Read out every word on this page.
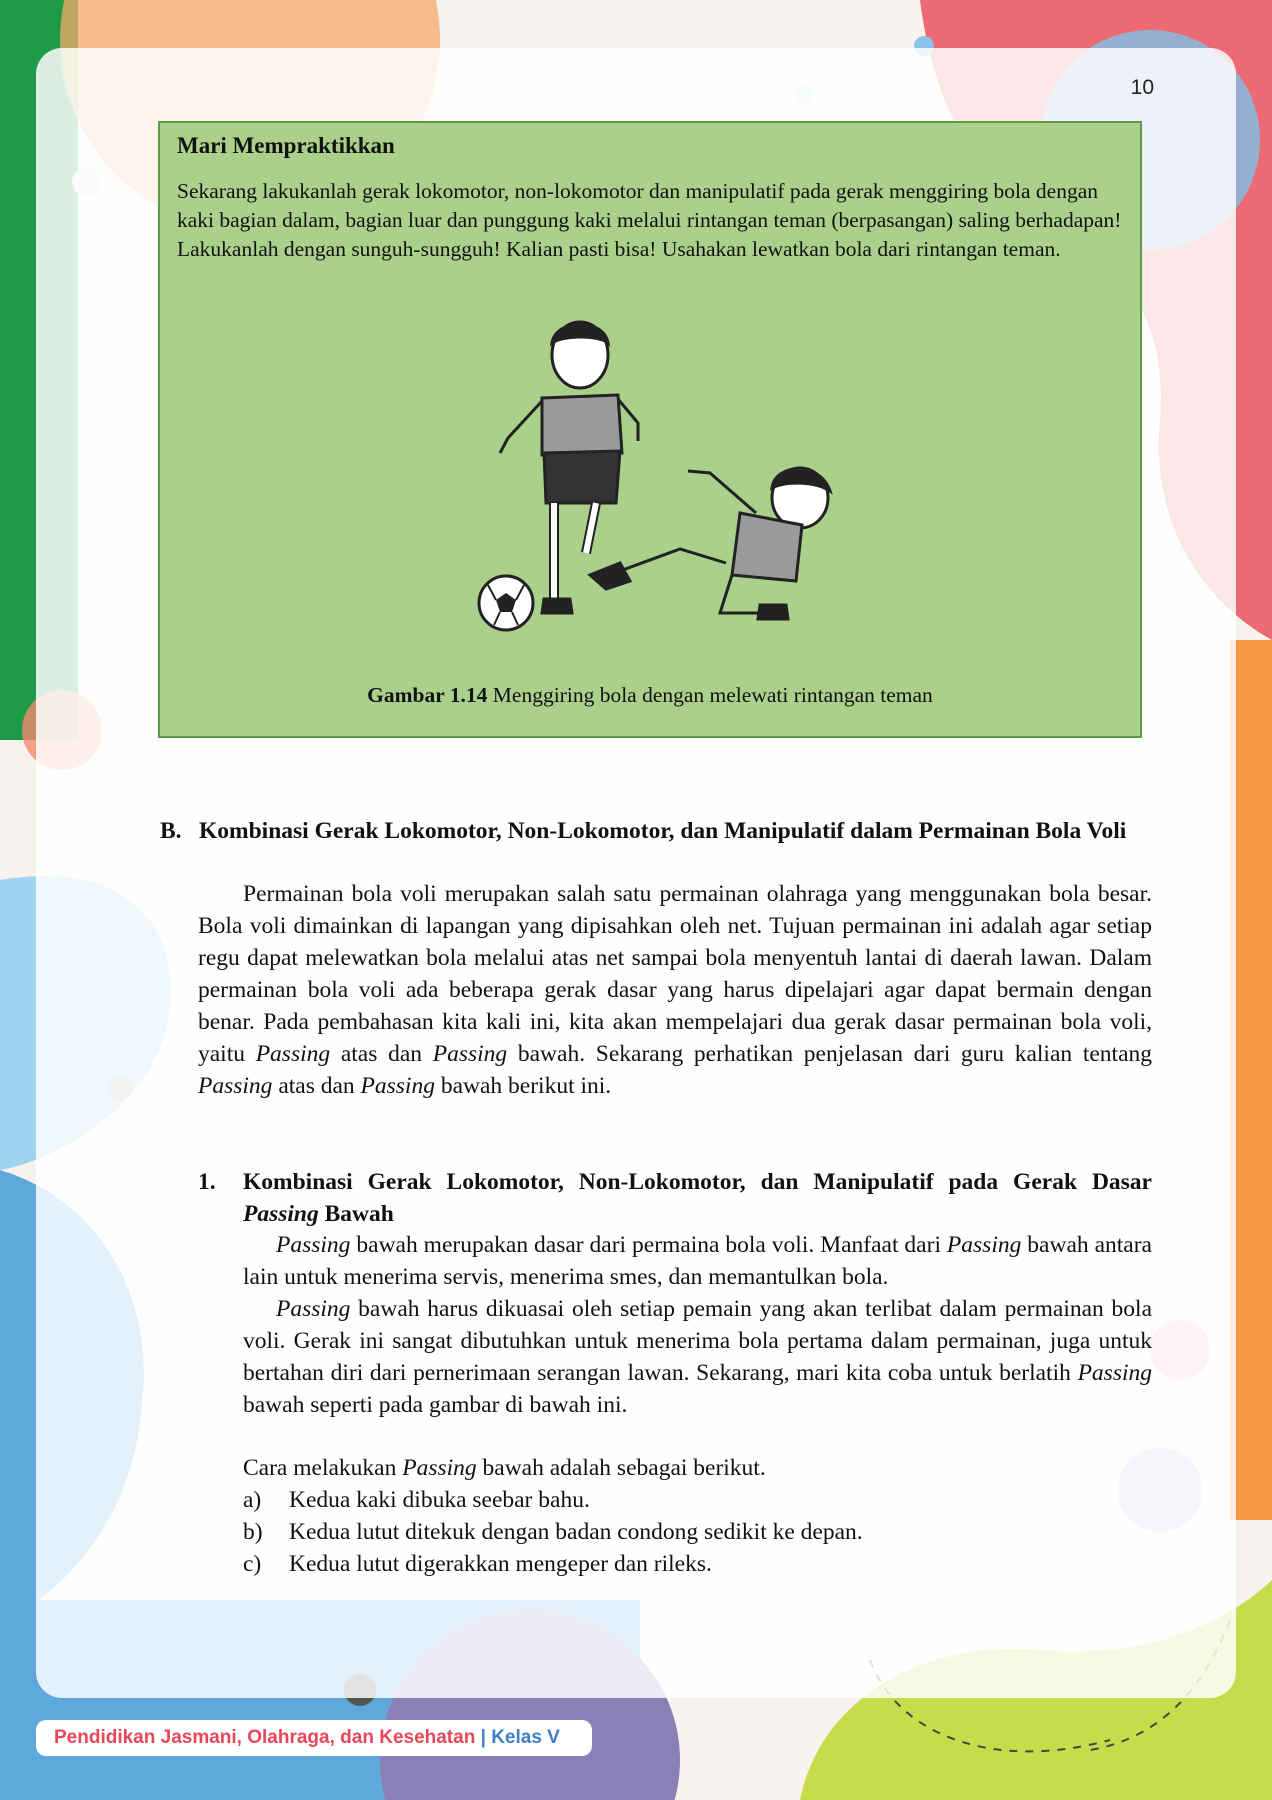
10
Mari Mempraktikkan
Sekarang lakukanlah gerak lokomotor, non-lokomotor dan manipulatif pada gerak menggiring bola dengan kaki bagian dalam, bagian luar dan punggung kaki melalui rintangan teman (berpasangan) saling berhadapan! Lakukanlah dengan sunguh-sungguh! Kalian pasti bisa! Usahakan lewatkan bola dari rintangan teman.
Gambar 1.14 Menggiring bola dengan melewati rintangan teman
B. Kombinasi Gerak Lokomotor, Non-Lokomotor, dan Manipulatif dalam Permainan Bola Voli

Permainan bola voli merupakan salah satu permainan olahraga yang menggunakan bola besar. Bola voli dimainkan di lapangan yang dipisahkan oleh net. Tujuan permainan ini adalah agar setiap regu dapat melewatkan bola melalui atas net sampai bola menyentuh lantai di daerah lawan. Dalam permainan bola voli ada beberapa gerak dasar yang harus dipelajari agar dapat bermain dengan benar. Pada pembahasan kita kali ini, kita akan mempelajari dua gerak dasar permainan bola voli, yaitu Passing atas dan Passing bawah. Sekarang perhatikan penjelasan dari guru kalian tentang Passing atas dan Passing bawah berikut ini.

1. Kombinasi Gerak Lokomotor, Non-Lokomotor, dan Manipulatif pada Gerak Dasar Passing Bawah

Passing bawah merupakan dasar dari permaina bola voli. Manfaat dari Passing bawah antara lain untuk menerima servis, menerima smes, dan memantulkan bola.

Passing bawah harus dikuasai oleh setiap pemain yang akan terlibat dalam permainan bola voli. Gerak ini sangat dibutuhkan untuk menerima bola pertama dalam permainan, juga untuk bertahan diri dari pernerimaan serangan lawan. Sekarang, mari kita coba untuk berlatih Passing bawah seperti pada gambar di bawah ini.

Cara melakukan Passing bawah adalah sebagai berikut.
a) Kedua kaki dibuka seebar bahu.
b) Kedua lutut ditekuk dengan badan condong sedikit ke depan.
c) Kedua lutut digerakkan mengeper dan rileks.
Pendidikan Jasmani, Olahraga, dan Kesehatan | Kelas V
